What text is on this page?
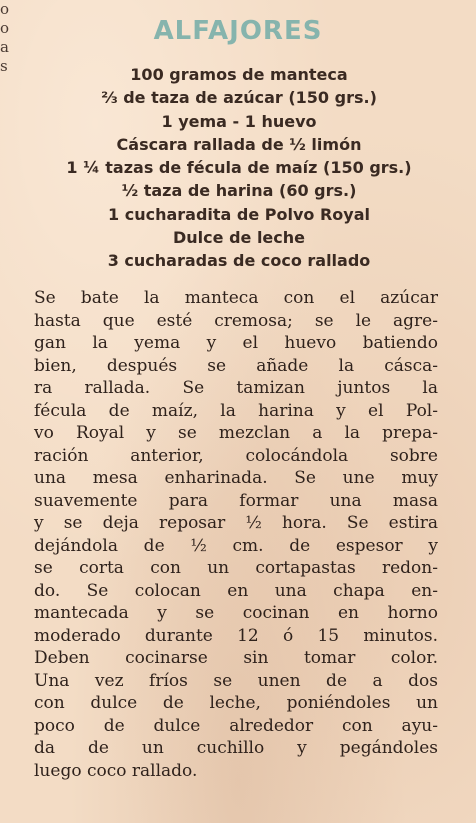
o
o
a
s
ALFAJORES
100 gramos de manteca
⅔ de taza de azúcar (150 grs.)
1 yema - 1 huevo
Cáscara rallada de ½ limón
1 ¼ tazas de fécula de maíz (150 grs.)
½ taza de harina (60 grs.)
1 cucharadita de Polvo Royal
Dulce de leche
3 cucharadas de coco rallado
Se bate la manteca con el azúcar
hasta que esté cremosa; se le agre-
gan la yema y el huevo batiendo
bien, después se añade la cásca-
ra rallada. Se tamizan juntos la
fécula de maíz, la harina y el Pol-
vo Royal y se mezclan a la prepa-
ración anterior, colocándola sobre
una mesa enharinada. Se une muy
suavemente para formar una masa
y se deja reposar ½ hora. Se estira
dejándola de ½ cm. de espesor y
se corta con un cortapastas redon-
do. Se colocan en una chapa en-
mantecada y se cocinan en horno
moderado durante 12 ó 15 minutos.
Deben cocinarse sin tomar color.
Una vez fríos se unen de a dos
con dulce de leche, poniéndoles un
poco de dulce alrededor con ayu-
da de un cuchillo y pegándoles
luego coco rallado.
